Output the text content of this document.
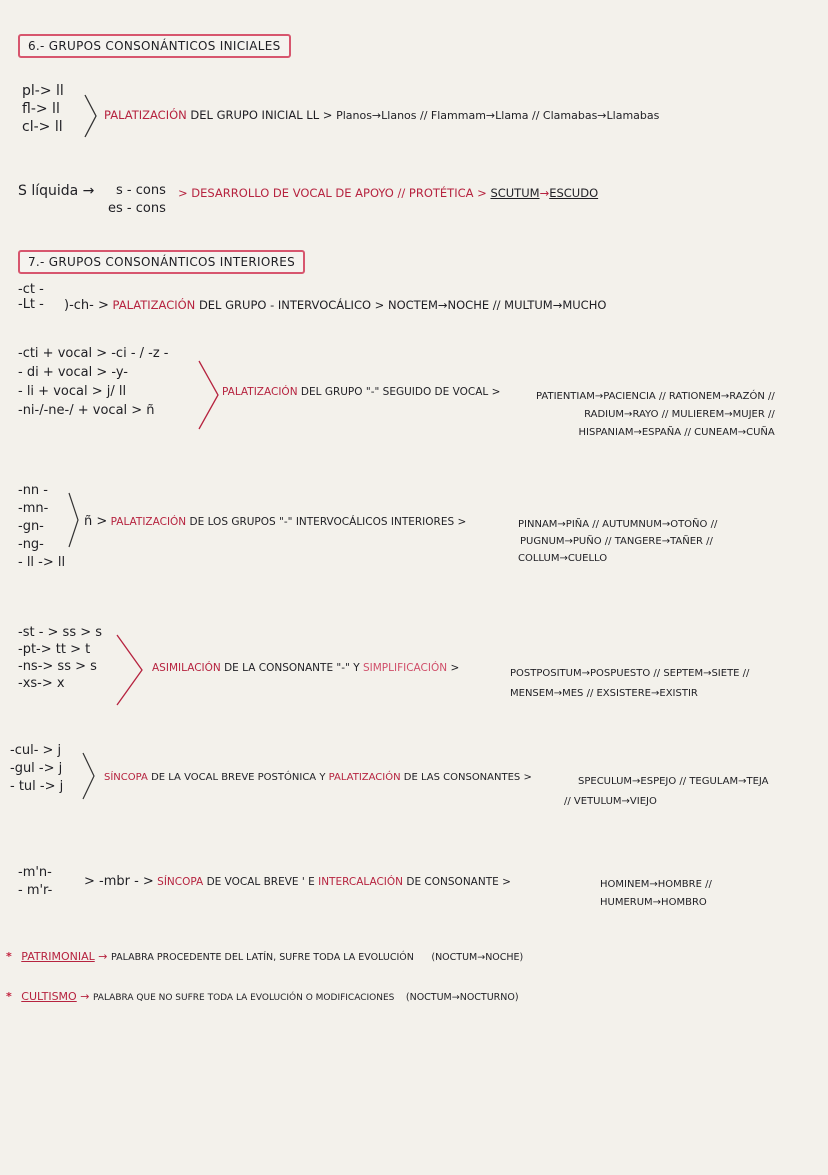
6.- GRUPOS CONSONÁNTICOS INICIALES
pl-> ll
fl-> ll
cl-> ll
PALATIZACIÓN DEL GRUPO INICIAL LL > Planos→Llanos // Flammam→Llama // Clamabas→Llamabas
S líquida →	s - cons
es - cons
> DESARROLLO DE VOCAL DE APOYO // PROTÉTICA > SCUTUM→ESCUDO
7.- GRUPOS CONSONÁNTICOS INTERIORES
-ct -
-Lt - )-ch- > PALATIZACIÓN DEL GRUPO - INTERVOCÁLICO > NOCTEM→NOCHE // MULTUM→MUCHO
-cti + vocal > -ci - / -z -
- di + vocal > -y-
- li + vocal > j/ ll
-ni-/-ne-/ + vocal > ñ
PALATIZACIÓN DEL GRUPO "-" SEGUIDO DE VOCAL >	PATIENTIAM→PACIENCIA // RATIONEM→RAZÓN //
RADIUM→RAYO // MULIEREM→MUJER //
HISPANIAM→ESPAÑA // CUNEAM→CUÑA
-nn -
-mn-
-gn-
-ng-
- ll -> ll
ñ > PALATIZACIÓN DE LOS GRUPOS "-" INTERVOCÁLICOS INTERIORES >	PINNAM→PIÑA // AUTUMNUM→OTOÑO //
PUGNUM→PUÑO // TANGERE→TAÑER //
COLLUM→CUELLO
-st - > ss > s
-pt-> tt > t
-ns-> ss > s
-xs-> x
ASIMILACIÓN DE LA CONSONANTE "-" Y SIMPLIFICACIÓN >	POSTPOSITUM→POSPUESTO // SEPTEM→SIETE //
MENSEM→MES // EXSISTERE→EXISTIR
-cul- > j
-gul -> j
- tul -> j
SÍNCOPA DE LA VOCAL BREVE POSTÓNICA Y PALATIZACIÓN DE LAS CONSONANTES >	SPECULUM→ESPEJO // TEGULAM→TEJA
// VETULUM→VIEJO
-m'n-
- m'r-
> -mbr - > SÍNCOPA DE VOCAL BREVE ' E INTERCALACIÓN DE CONSONANTE >	HOMINEM→HOMBRE //
HUMERUM→HOMBRO
* PATRIMONIAL → PALABRA PROCEDENTE DEL LATÍN, SUFRE TODA LA EVOLUCIÓN (NOCTUM→NOCHE)
* CULTISMO → PALABRA QUE NO SUFRE TODA LA EVOLUCIÓN O MODIFICACIONES (NOCTUM→NOCTURNO)
